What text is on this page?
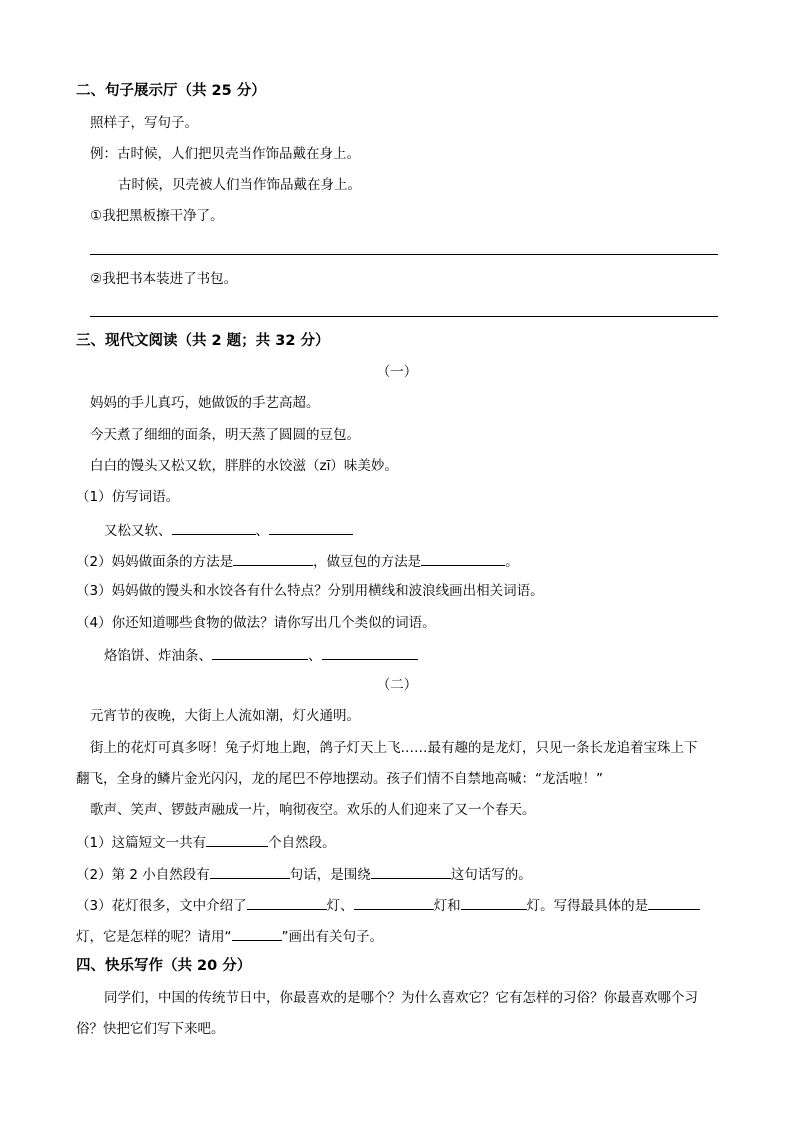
二、句子展示厅（共 25 分）
照样子，写句子。
例：古时候，人们把贝壳当作饰品戴在身上。
古时候，贝壳被人们当作饰品戴在身上。
①我把黑板擦干净了。
②我把书本装进了书包。
三、现代文阅读（共 2 题；共 32 分）
（一）
妈妈的手儿真巧，她做饭的手艺高超。
今天煮了细细的面条，明天蒸了圆圆的豆包。
白白的馒头又松又软，胖胖的水饺滋（zī）味美妙。
（1）仿写词语。
又松又软、	、
（2）妈妈做面条的方法是	，做豆包的方法是	。
（3）妈妈做的馒头和水饺各有什么特点？分别用横线和波浪线画出相关词语。
（4）你还知道哪些食物的做法？请你写出几个类似的词语。
烙馅饼、炸油条、	、
（二）
元宵节的夜晚，大街上人流如潮，灯火通明。
街上的花灯可真多呀！兔子灯地上跑，鸽子灯天上飞……最有趣的是龙灯，只见一条长龙追着宝珠上下
翻飞，全身的鳞片金光闪闪，龙的尾巴不停地摆动。孩子们情不自禁地高喊：“龙活啦！”
歌声、笑声、锣鼓声融成一片，响彻夜空。欢乐的人们迎来了又一个春天。
（1）这篇短文一共有	个自然段。
（2）第 2 小自然段有	句话，是围绕	这句话写的。
（3）花灯很多，文中介绍了	灯、	灯和	灯。写得最具体的是
灯，它是怎样的呢？请用“	”画出有关句子。
四、快乐写作（共 20 分）
同学们，中国的传统节日中，你最喜欢的是哪个？为什么喜欢它？它有怎样的习俗？你最喜欢哪个习
俗？快把它们写下来吧。
